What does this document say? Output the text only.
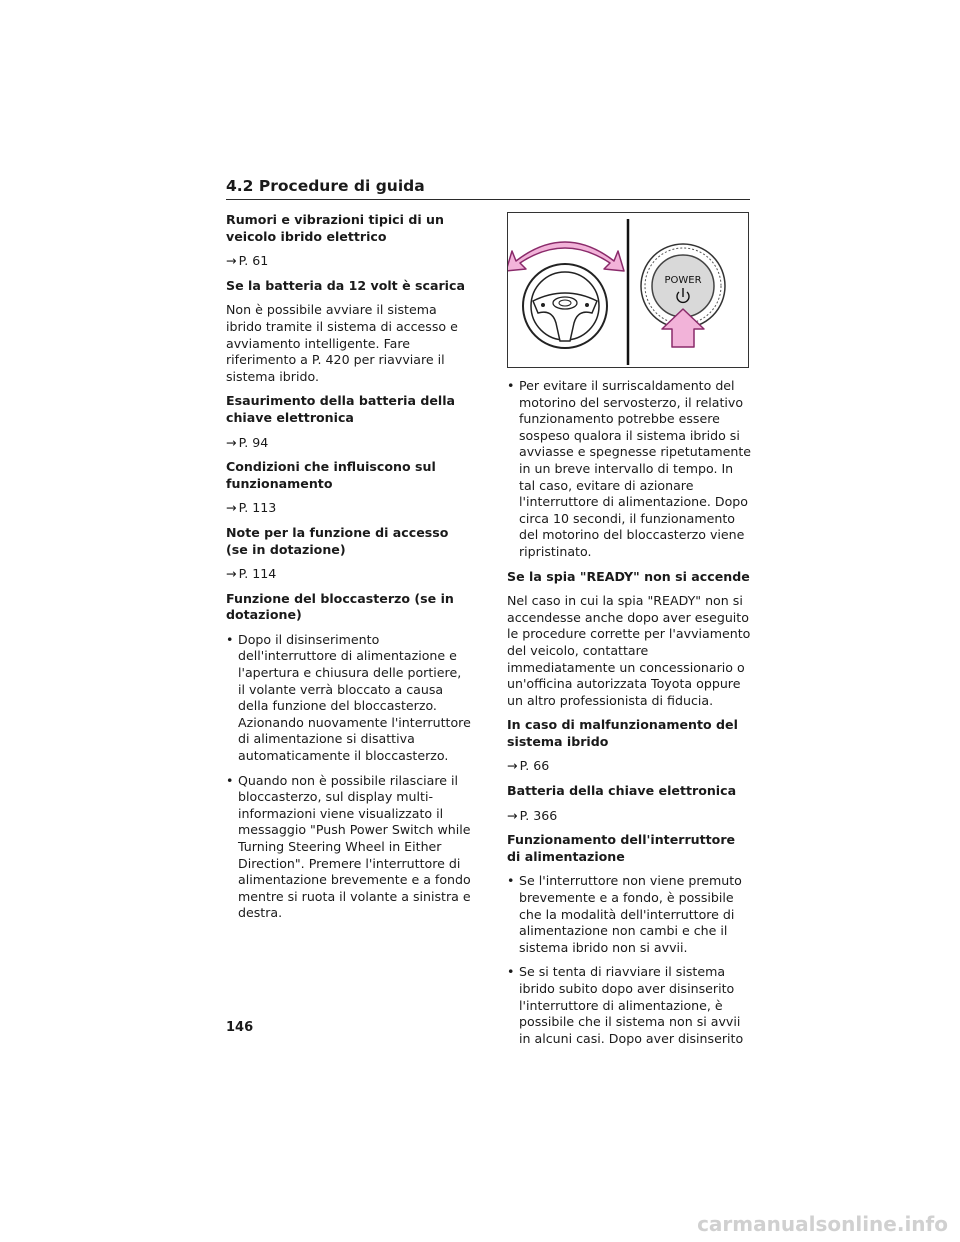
4.2 Procedure di guida
Rumori e vibrazioni tipici di un veicolo ibrido elettrico
→ P. 61
Se la batteria da 12 volt è scarica
Non è possibile avviare il sistema ibrido tramite il sistema di accesso e avviamento intelligente. Fare riferimento a P. 420 per riavviare il sistema ibrido.
Esaurimento della batteria della chiave elettronica
→ P. 94
Condizioni che influiscono sul funzionamento
→ P. 113
Note per la funzione di accesso (se in dotazione)
→ P. 114
Funzione del bloccasterzo (se in dotazione)
• Dopo il disinserimento dell'interruttore di alimentazione e l'apertura e chiusura delle portiere, il volante verrà bloccato a causa della funzione del bloccasterzo. Azionando nuovamente l'interruttore di alimentazione si disattiva automaticamente il bloccasterzo.
• Quando non è possibile rilasciare il bloccasterzo, sul display multi-informazioni viene visualizzato il messaggio "Push Power Switch while Turning Steering Wheel in Either Direction". Premere l'interruttore di alimentazione brevemente e a fondo mentre si ruota il volante a sinistra e destra.
POWER
• Per evitare il surriscaldamento del motorino del servosterzo, il relativo funzionamento potrebbe essere sospeso qualora il sistema ibrido si avviasse e spegnesse ripetutamente in un breve intervallo di tempo. In tal caso, evitare di azionare l'interruttore di alimentazione. Dopo circa 10 secondi, il funzionamento del motorino del bloccasterzo viene ripristinato.
Se la spia "READY" non si accende
Nel caso in cui la spia "READY" non si accendesse anche dopo aver eseguito le procedure corrette per l'avviamento del veicolo, contattare immediatamente un concessionario o un'officina autorizzata Toyota oppure un altro professionista di fiducia.
In caso di malfunzionamento del sistema ibrido
→ P. 66
Batteria della chiave elettronica
→ P. 366
Funzionamento dell'interruttore di alimentazione
• Se l'interruttore non viene premuto brevemente e a fondo, è possibile che la modalità dell'interruttore di alimentazione non cambi e che il sistema ibrido non si avvii.
• Se si tenta di riavviare il sistema ibrido subito dopo aver disinserito l'interruttore di alimentazione, è possibile che il sistema non si avvii in alcuni casi. Dopo aver disinserito
146
carmanualsonline.info
